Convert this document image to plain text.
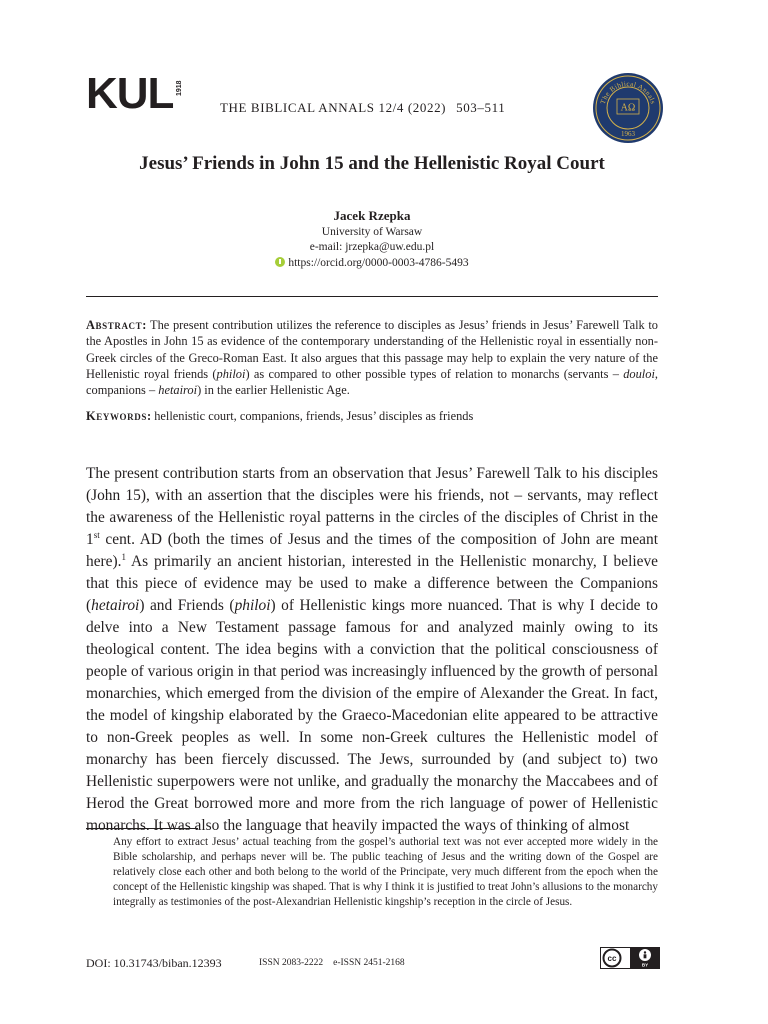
KUL 1918
THE BIBLICAL ANNALS 12/4 (2022) 503–511	The Biblical Annals
ΑΩ
1963
Jesus’ Friends in John 15 and the Hellenistic Royal Court
Jacek Rzepka
University of Warsaw
e-mail: jrzepka@uw.edu.pl
https://orcid.org/0000-0003-4786-5493
Abstract: The present contribution utilizes the reference to disciples as Jesus’ friends in Jesus’ Farewell Talk to the Apostles in John 15 as evidence of the contemporary understanding of the Hellenistic royal in essentially non-Greek circles of the Greco-Roman East. It also argues that this passage may help to explain the very nature of the Hellenistic royal friends (philoi) as compared to other possible types of relation to monarchs (servants – douloi, companions – hetairoi) in the earlier Hellenistic Age.
Keywords: hellenistic court, companions, friends, Jesus’ disciples as friends
The present contribution starts from an observation that Jesus’ Farewell Talk to his disciples (John 15), with an assertion that the disciples were his friends, not – servants, may reflect the awareness of the Hellenistic royal patterns in the circles of the disciples of Christ in the 1st cent. AD (both the times of Jesus and the times of the composition of John are meant here).$^1$ As primarily an ancient historian, interested in the Hellenistic monarchy, I believe that this piece of evidence may be used to make a difference between the Companions (hetairoi) and Friends (philoi) of Hellenistic kings more nuanced. That is why I decide to delve into a New Testament passage famous for and analyzed mainly owing to its theological content. The idea begins with a conviction that the political consciousness of people of various origin in that period was increasingly influenced by the growth of personal monarchies, which emerged from the division of the empire of Alexander the Great. In fact, the model of kingship elaborated by the Graeco-Macedonian elite appeared to be attractive to non-Greek peoples as well. In some non-Greek cultures the Hellenistic model of monarchy has been fiercely discussed. The Jews, surrounded by (and subject to) two Hellenistic superpowers were not unlike, and gradually the monarchy the Maccabees and of Herod the Great borrowed more and more from the rich language of power of Hellenistic monarchs. It was also the language that heavily impacted the ways of thinking of almost
Any effort to extract Jesus’ actual teaching from the gospel’s authorial text was not ever accepted more widely in the Bible scholarship, and perhaps never will be. The public teaching of Jesus and the writing down of the Gospel are relatively close each other and both belong to the world of the Principate, very much different from the epoch when the concept of the Hellenistic kingship was shaped. That is why I think it is justified to treat John’s allusions to the monarchy integrally as testimonies of the post-Alexandrian Hellenistic kingship’s reception in the circle of Jesus.
DOI: 10.31743/biban.12393	ISSN 2083-2222 e-ISSN 2451-2168	cc
BY
